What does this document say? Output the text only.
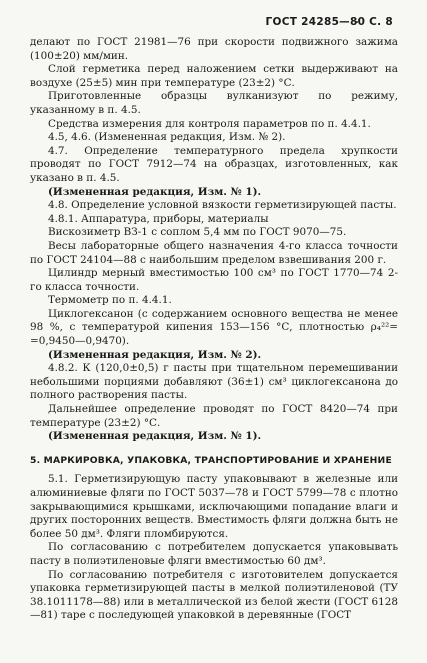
ГОСТ 24285—80 С. 8

делают по ГОСТ 21981—76 при скорости подвижного зажима (100±20) мм/мин.

Слой герметика перед наложением сетки выдерживают на воздухе (25±5) мин при температуре (23±2) °С.

Приготовленные образцы вулканизуют по режиму, указанному в п. 4.5.

Средства измерения для контроля параметров по п. 4.4.1.

4.5, 4.6. (Измененная редакция, Изм. № 2).

4.7. Определение температурного предела хрупкости проводят по ГОСТ 7912—74 на образцах, изготовленных, как указано в п. 4.5.

(Измененная редакция, Изм. № 1).

4.8. Определение условной вязкости герметизирующей пасты.

4.8.1. Аппаратура, приборы, материалы

Вискозиметр ВЗ-1 с соплом 5,4 мм по ГОСТ 9070—75.

Весы лабораторные общего назначения 4-го класса точности по ГОСТ 24104—88 с наибольшим пределом взвешивания 200 г.

Цилиндр мерный вместимостью 100 см³ по ГОСТ 1770—74 2-го класса точности.

Термометр по п. 4.4.1.

Циклогексанон (с содержанием основного вещества не менее 98 %, с температурой кипения 153—156 °С, плотностью ρ₄²²= =0,9450—0,9470).

(Измененная редакция, Изм. № 2).

4.8.2. К (120,0±0,5) г пасты при тщательном перемешивании небольшими порциями добавляют (36±1) см³ циклогексанона до полного растворения пасты.

Дальнейшее определение проводят по ГОСТ 8420—74 при температуре (23±2) °С.

(Измененная редакция, Изм. № 1).

5. МАРКИРОВКА, УПАКОВКА, ТРАНСПОРТИРОВАНИЕ И ХРАНЕНИЕ

5.1. Герметизирующую пасту упаковывают в железные или алюминиевые фляги по ГОСТ 5037—78 и ГОСТ 5799—78 с плотно закрывающимися крышками, исключающими попадание влаги и других посторонних веществ. Вместимость фляги должна быть не более 50 дм³. Фляги пломбируются.

По согласованию с потребителем допускается упаковывать пасту в полиэтиленовые фляги вместимостью 60 дм³.

По согласованию потребителя с изготовителем допускается упаковка герметизирующей пасты в мелкой полиэтиленовой (ТУ 38.1011178—88) или в металлической из белой жести (ГОСТ 6128—81) таре с последующей упаковкой в деревянные (ГОСТ
